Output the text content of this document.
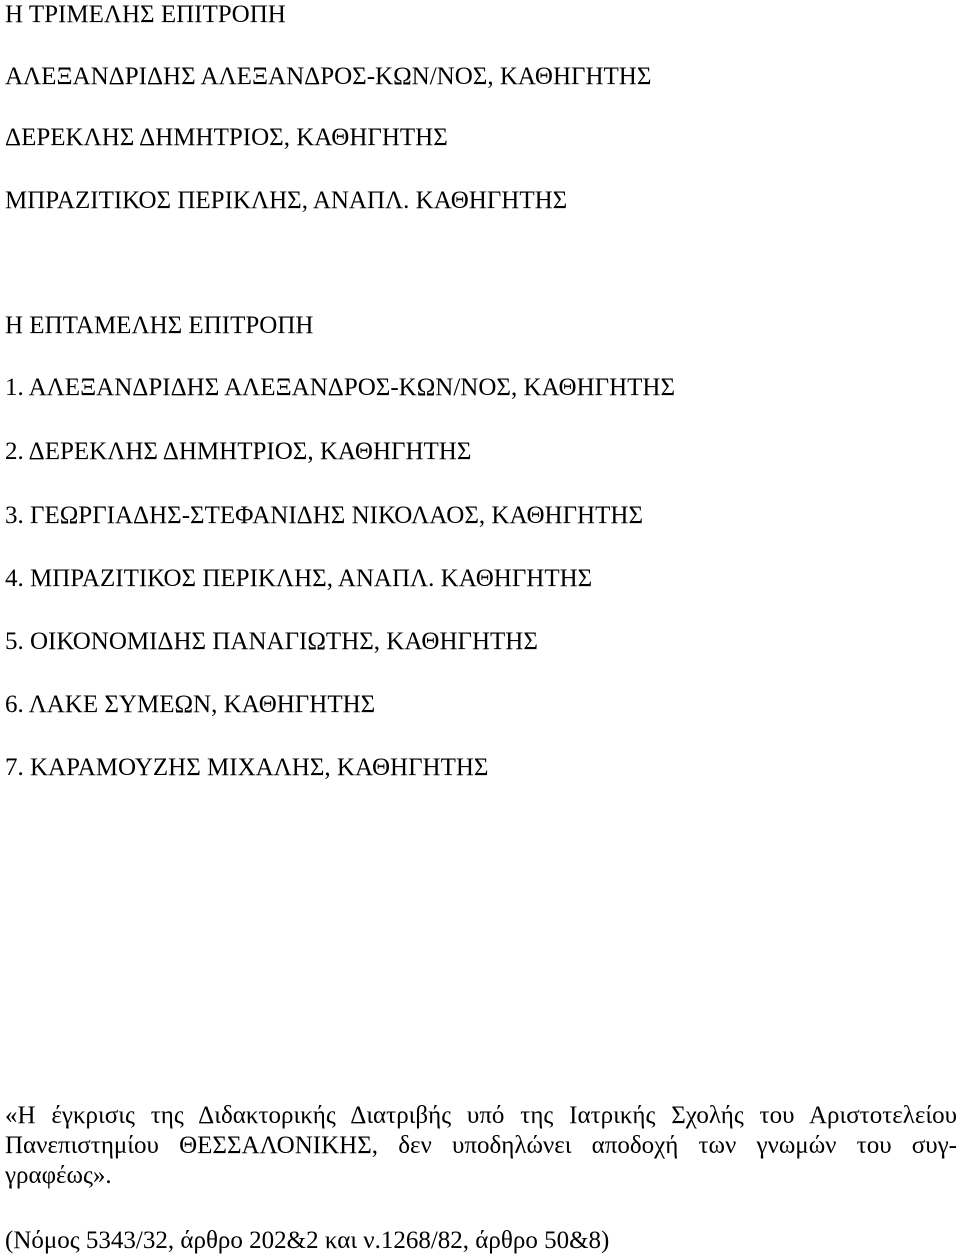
Η ΤΡΙΜΕΛΗΣ ΕΠΙΤΡΟΠΗ
ΑΛΕΞΑΝΔΡΙΔΗΣ ΑΛΕΞΑΝΔΡΟΣ-ΚΩΝ/ΝΟΣ, ΚΑΘΗΓΗΤΗΣ
ΔΕΡΕΚΛΗΣ ΔΗΜΗΤΡΙΟΣ, ΚΑΘΗΓΗΤΗΣ
ΜΠΡΑΖΙΤΙΚΟΣ ΠΕΡΙΚΛΗΣ, ΑΝΑΠΛ. ΚΑΘΗΓΗΤΗΣ
Η ΕΠΤΑΜΕΛΗΣ ΕΠΙΤΡΟΠΗ
1. ΑΛΕΞΑΝΔΡΙΔΗΣ ΑΛΕΞΑΝΔΡΟΣ-ΚΩΝ/ΝΟΣ, ΚΑΘΗΓΗΤΗΣ
2. ΔΕΡΕΚΛΗΣ ΔΗΜΗΤΡΙΟΣ, ΚΑΘΗΓΗΤΗΣ
3. ΓΕΩΡΓΙΑΔΗΣ-ΣΤΕΦΑΝΙΔΗΣ ΝΙΚΟΛΑΟΣ, ΚΑΘΗΓΗΤΗΣ
4. ΜΠΡΑΖΙΤΙΚΟΣ ΠΕΡΙΚΛΗΣ, ΑΝΑΠΛ. ΚΑΘΗΓΗΤΗΣ
5. ΟΙΚΟΝΟΜΙΔΗΣ ΠΑΝΑΓΙΩΤΗΣ, ΚΑΘΗΓΗΤΗΣ
6. ΛΑΚΕ ΣΥΜΕΩΝ, ΚΑΘΗΓΗΤΗΣ
7. ΚΑΡΑΜΟΥΖΗΣ ΜΙΧΑΛΗΣ, ΚΑΘΗΓΗΤΗΣ
«Η έγκρισις της Διδακτορικής Διατριβής υπό της Ιατρικής Σχολής του Αριστοτελείου
Πανεπιστημίου ΘΕΣΣΑΛΟΝΙΚΗΣ, δεν υποδηλώνει αποδοχή των γνωμών του συγ-
γραφέως».
(Νόμος 5343/32, άρθρο 202&2 και ν.1268/82, άρθρο 50&8)
